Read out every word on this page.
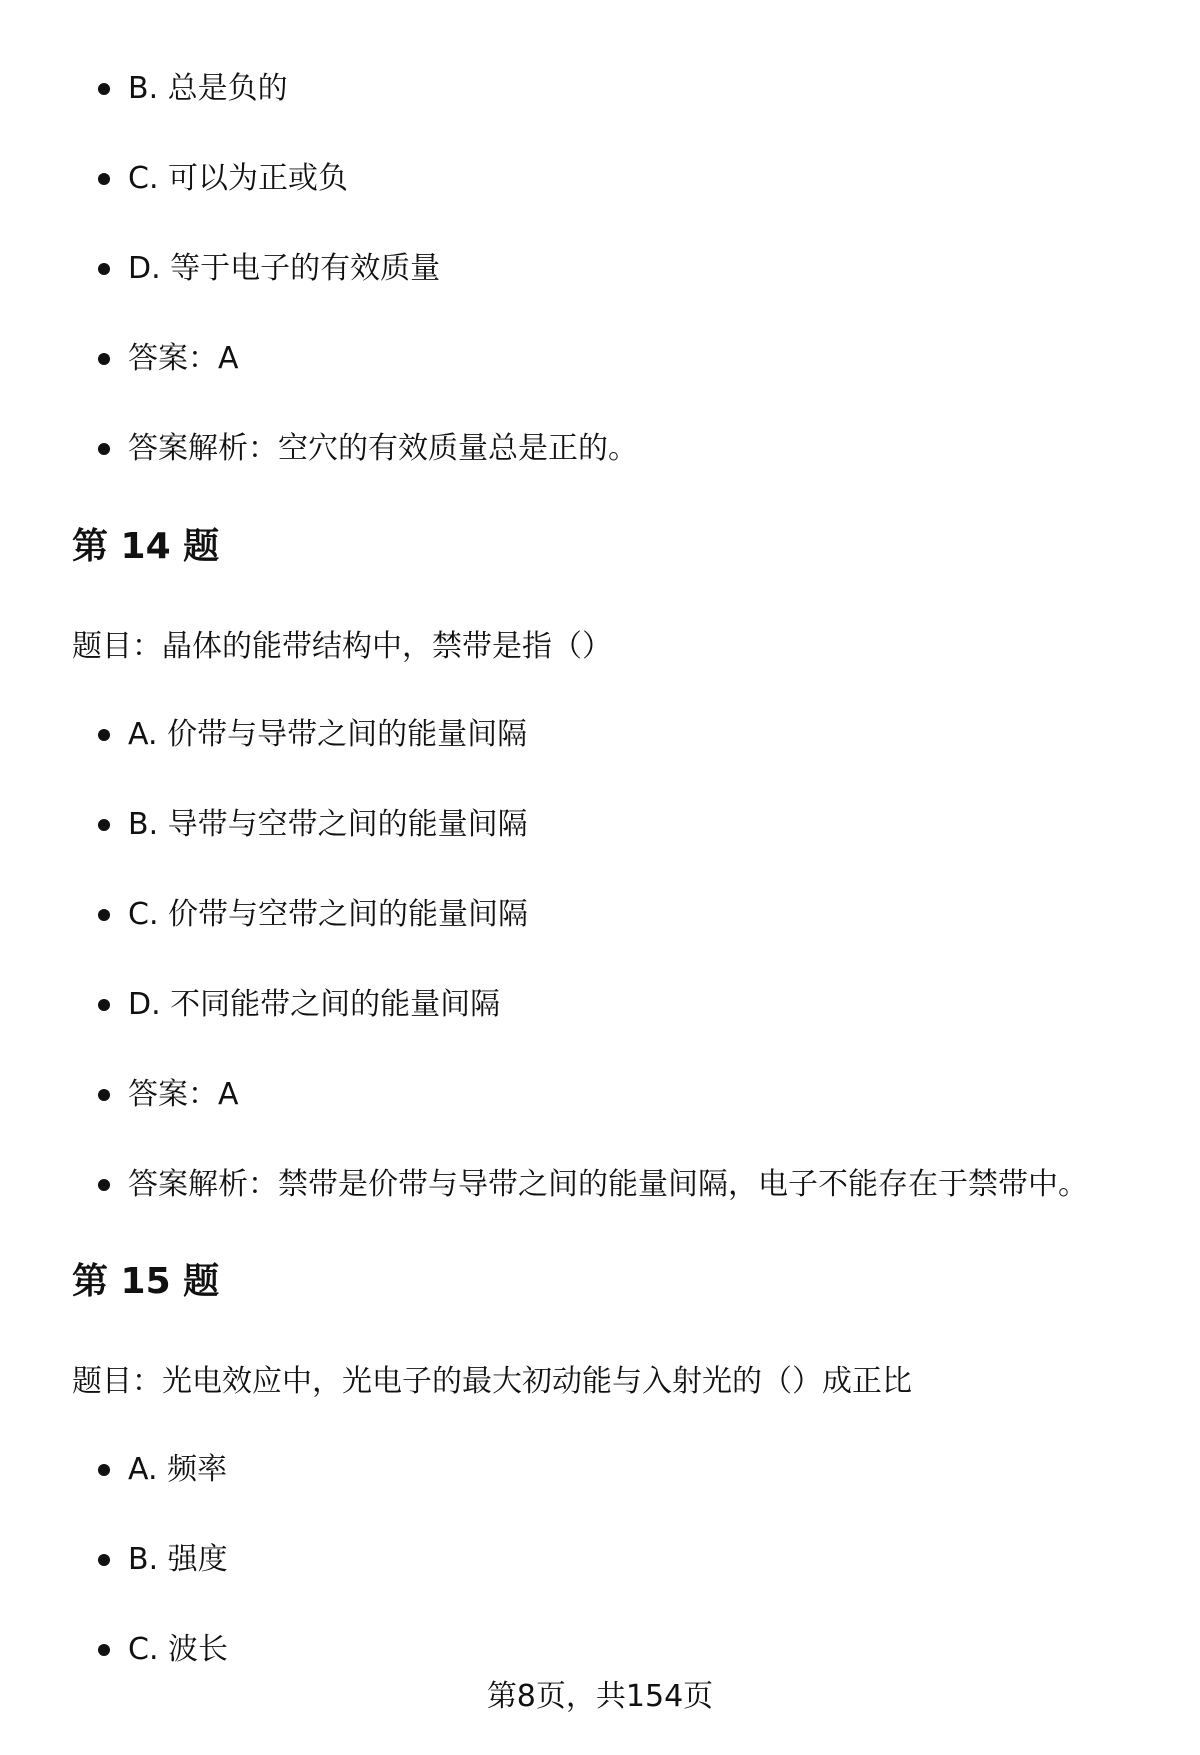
B. 总是负的
C. 可以为正或负
D. 等于电子的有效质量
答案：A
答案解析：空穴的有效质量总是正的。
第 14 题
题目：晶体的能带结构中，禁带是指（）
A. 价带与导带之间的能量间隔
B. 导带与空带之间的能量间隔
C. 价带与空带之间的能量间隔
D. 不同能带之间的能量间隔
答案：A
答案解析：禁带是价带与导带之间的能量间隔，电子不能存在于禁带中。
第 15 题
题目：光电效应中，光电子的最大初动能与入射光的（）成正比
A. 频率
B. 强度
C. 波长
第8页，共154页
